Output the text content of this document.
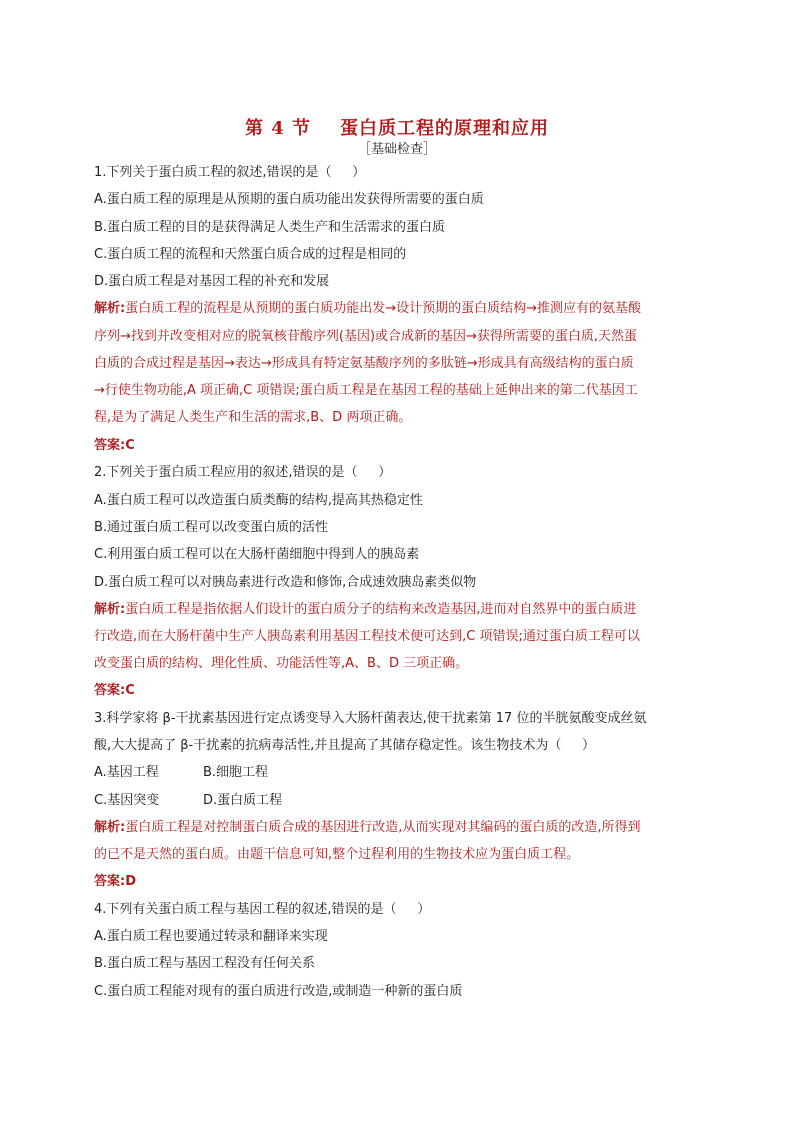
第 4 节    蛋白质工程的原理和应用
［基础检查］
1.下列关于蛋白质工程的叙述,错误的是（     ）
A.蛋白质工程的原理是从预期的蛋白质功能出发获得所需要的蛋白质
B.蛋白质工程的目的是获得满足人类生产和生活需求的蛋白质
C.蛋白质工程的流程和天然蛋白质合成的过程是相同的
D.蛋白质工程是对基因工程的补充和发展
解析:蛋白质工程的流程是从预期的蛋白质功能出发→设计预期的蛋白质结构→推测应有的氨基酸
序列→找到并改变相对应的脱氧核苷酸序列(基因)或合成新的基因→获得所需要的蛋白质,天然蛋
白质的合成过程是基因→表达→形成具有特定氨基酸序列的多肽链→形成具有高级结构的蛋白质
→行使生物功能,A 项正确,C 项错误;蛋白质工程是在基因工程的基础上延伸出来的第二代基因工
程,是为了满足人类生产和生活的需求,B、D 两项正确。
答案:C
2.下列关于蛋白质工程应用的叙述,错误的是（     ）
A.蛋白质工程可以改造蛋白质类酶的结构,提高其热稳定性
B.通过蛋白质工程可以改变蛋白质的活性
C.利用蛋白质工程可以在大肠杆菌细胞中得到人的胰岛素
D.蛋白质工程可以对胰岛素进行改造和修饰,合成速效胰岛素类似物
解析:蛋白质工程是指依据人们设计的蛋白质分子的结构来改造基因,进而对自然界中的蛋白质进
行改造,而在大肠杆菌中生产人胰岛素利用基因工程技术便可达到,C 项错误;通过蛋白质工程可以
改变蛋白质的结构、理化性质、功能活性等,A、B、D 三项正确。
答案:C
3.科学家将 β-干扰素基因进行定点诱变导入大肠杆菌表达,使干扰素第 17 位的半胱氨酸变成丝氨
酸,大大提高了 β-干扰素的抗病毒活性,并且提高了其储存稳定性。该生物技术为（     ）
A.基因工程	B.细胞工程
C.基因突变	D.蛋白质工程
解析:蛋白质工程是对控制蛋白质合成的基因进行改造,从而实现对其编码的蛋白质的改造,所得到
的已不是天然的蛋白质。由题干信息可知,整个过程利用的生物技术应为蛋白质工程。
答案:D
4.下列有关蛋白质工程与基因工程的叙述,错误的是（     ）
A.蛋白质工程也要通过转录和翻译来实现
B.蛋白质工程与基因工程没有任何关系
C.蛋白质工程能对现有的蛋白质进行改造,或制造一种新的蛋白质
